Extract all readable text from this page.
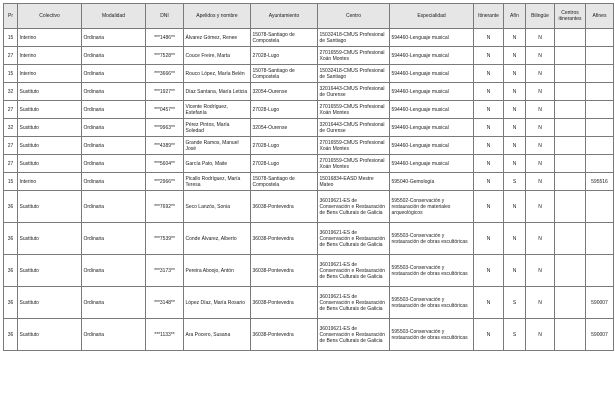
Pr	Colectivo	Modalidad	DNI	Apelidos y nombre	Ayuntamiento	Centro	Especialidad	Itinerante	Afín	Bilingüe	Centros itinerantes	Afines
15	Interino	Ordinaria	***1486**	Álvarez Gómez, Renee	15078-Santiago de Compostela	15032418-CMUS Profesional de Santiago	594460-Lenguaje musical	N	N	N		
27	Interino	Ordinaria	***7528**	Couce Freire, Marta	27028-Lugo	27016559-CMUS Profesional Xoán Montes	594460-Lenguaje musical	N	N	N		
15	Interino	Ordinaria	***3666**	Rouco López, María Belén	15078-Santiago de Compostela	15032418-CMUS Profesional de Santiago	594460-Lenguaje musical	N	N	N		
32	Sustituto	Ordinaria	***1927**	Díaz Santana, María Leticia	32054-Ourense	32016443-CMUS Profesional de Ourense	594460-Lenguaje musical	N	N	N		
27	Sustituto	Ordinaria	***0457**	Vicente Rodríguez, Estefanía	27028-Lugo	27016559-CMUS Profesional Xoán Montes	594460-Lenguaje musical	N	N	N		
32	Sustituto	Ordinaria	***9963**	Pérez Pintos, María Soledad	32054-Ourense	32016443-CMUS Profesional de Ourense	594460-Lenguaje musical	N	N	N		
27	Sustituto	Ordinaria	***4389**	Grande Ramos, Manuel José	27028-Lugo	27016559-CMUS Profesional Xoán Montes	594460-Lenguaje musical	N	N	N		
27	Sustituto	Ordinaria	***5604**	García Pato, Maite	27028-Lugo	27016559-CMUS Profesional Xoán Montes	594460-Lenguaje musical	N	N	N		
15	Interino	Ordinaria	***2966**	Picallo Rodríguez, María Teresa	15078-Santiago de Compostela	15016834-EASD Mestre Mateo	595040-Gemología	N	S	N		595516
36	Sustituto	Ordinaria	***7692**	Seco Lanzós, Sonia	36038-Pontevedra	36019621-ES de Conservación e Restauración de Bens Culturais de Galicia	595502-Conservación y restauración de materiales arqueológicos	N	N	N		
36	Sustituto	Ordinaria	***7539**	Conde Álvarez, Alberto	36038-Pontevedra	36019621-ES de Conservación e Restauración de Bens Culturais de Galicia	595503-Conservación y restauración de obras escultóricas	N	N	N		
36	Sustituto	Ordinaria	***3173**	Pereira Aboojo, Antón	36038-Pontevedra	36019621-ES de Conservación e Restauración de Bens Culturais de Galicia	595503-Conservación y restauración de obras escultóricas	N	N	N		
36	Sustituto	Ordinaria	***3148**	López Díaz, María Rosario	36038-Pontevedra	36019621-ES de Conservación e Restauración de Bens Culturais de Galicia	595503-Conservación y restauración de obras escultóricas	N	S	N		590007
36	Sustituto	Ordinaria	***1133**	Ara Pocero, Susana	36038-Pontevedra	36019621-ES de Conservación e Restauración de Bens Culturais de Galicia	595503-Conservación y restauración de obras escultóricas	N	S	N		590007
